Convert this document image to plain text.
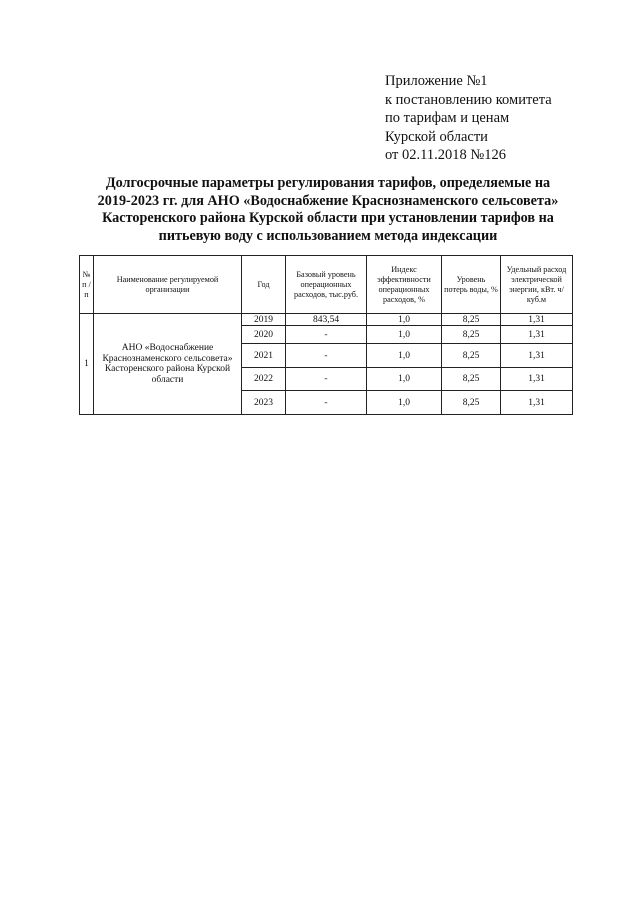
Приложение №1
к постановлению комитета
по тарифам и ценам
Курской области
от 02.11.2018 №126
Долгосрочные параметры регулирования тарифов, определяемые на
2019-2023 гг. для АНО «Водоснабжение Краснознаменского сельсовета»
Касторенского района Курской области при установлении тарифов на
питьевую воду с использованием метода индексации
№ п / п	Наименование регулируемой организации	Год	Базовый уровень операционных расходов, тыс.руб.	Индекс эффективности операционных расходов, %	Уровень потерь воды, %	Удельный расход электрической энергии, кВт. ч/куб.м
1	АНО «Водоснабжение Краснознаменского сельсовета» Касторенского района Курской области	2019	843,54	1,0	8,25	1,31
		2020	-	1,0	8,25	1,31
		2021	-	1,0	8,25	1,31
		2022	-	1,0	8,25	1,31
		2023	-	1,0	8,25	1,31
